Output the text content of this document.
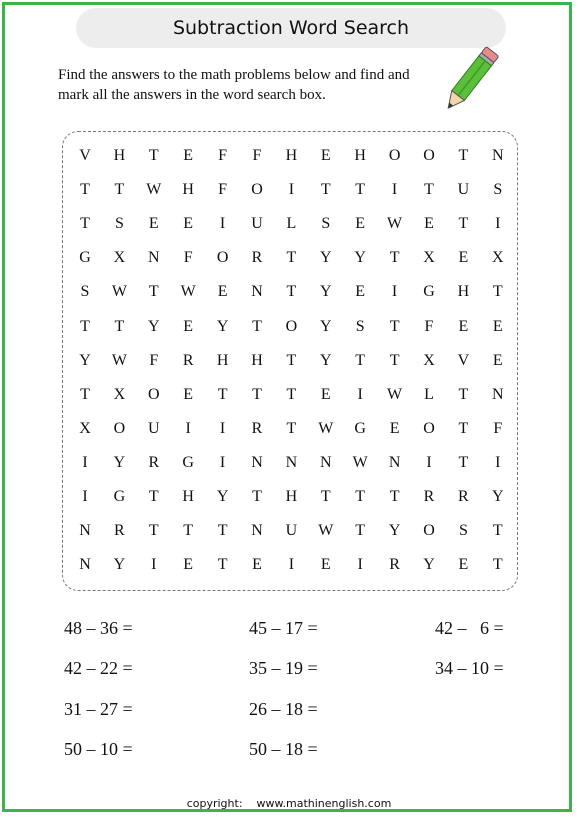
Subtraction Word Search
Find the answers to the math problems below and find and mark all the answers in the word search box.
V	H	T	E	F	F	H	E	H	O	O	T	N
T	T	W	H	F	O	I	T	T	I	T	U	S
T	S	E	E	I	U	L	S	E	W	E	T	I
G	X	N	F	O	R	T	Y	Y	T	X	E	X
S	W	T	W	E	N	T	Y	E	I	G	H	T
T	T	Y	E	Y	T	O	Y	S	T	F	E	E
Y	W	F	R	H	H	T	Y	T	T	X	V	E
T	X	O	E	T	T	T	E	I	W	L	T	N
X	O	U	I	I	R	T	W	G	E	O	T	F
I	Y	R	G	I	N	N	N	W	N	I	T	I
I	G	T	H	Y	T	H	T	T	T	R	R	Y
N	R	T	T	T	N	U	W	T	Y	O	S	T
N	Y	I	E	T	E	I	E	I	R	Y	E	T
48 – 36 =	45 – 17 =	42 –   6 =
42 – 22 =	35 – 19 =	34 – 10 =
31 – 27 =	26 – 18 =
50 – 10 =	50 – 18 =
copyright:    www.mathinenglish.com
